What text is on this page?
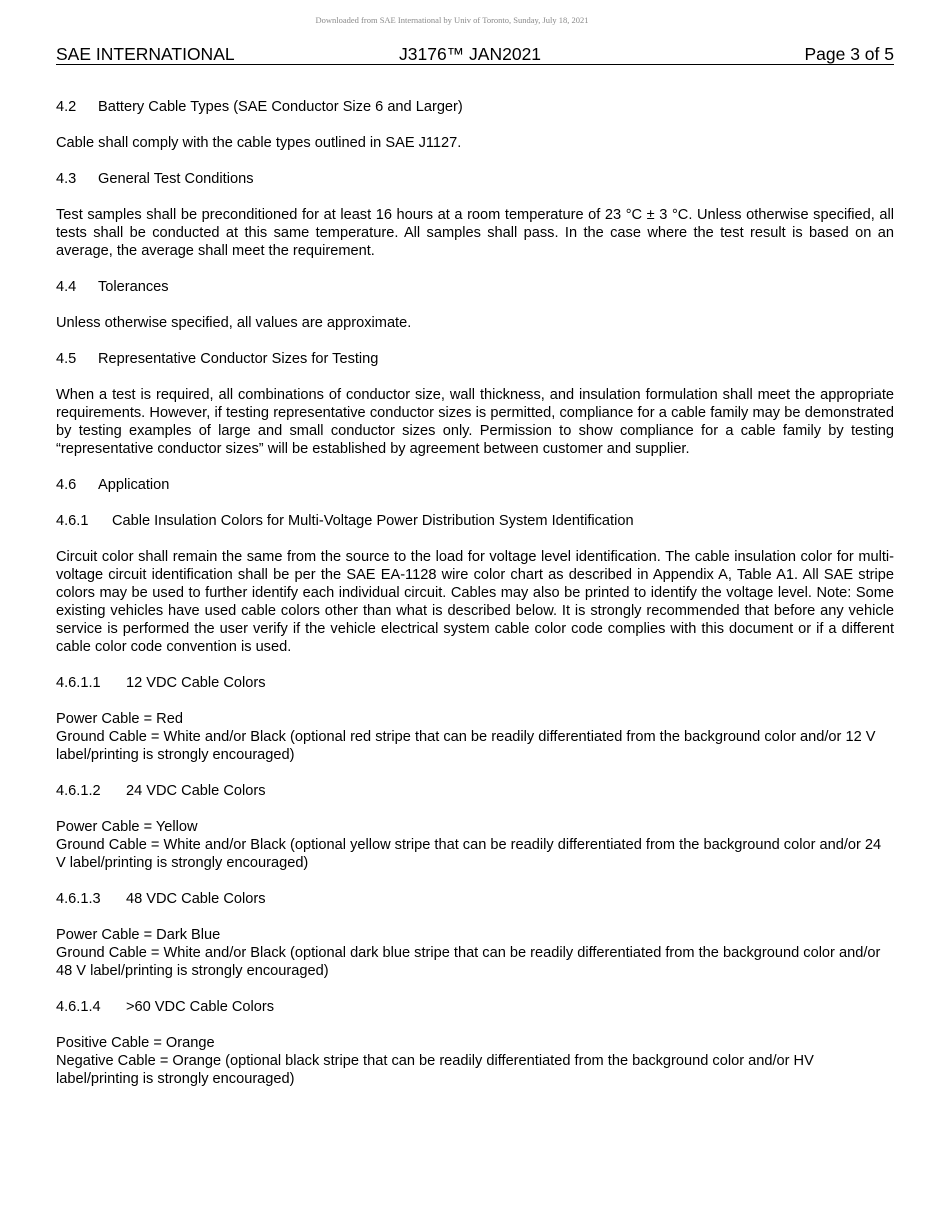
Downloaded from SAE International by Univ of Toronto, Sunday, July 18, 2021
SAE INTERNATIONAL	J3176™ JAN2021	Page 3 of 5
4.2 Battery Cable Types (SAE Conductor Size 6 and Larger)

Cable shall comply with the cable types outlined in SAE J1127.

4.3 General Test Conditions

Test samples shall be preconditioned for at least 16 hours at a room temperature of 23 °C ± 3 °C. Unless otherwise specified, all tests shall be conducted at this same temperature. All samples shall pass. In the case where the test result is based on an average, the average shall meet the requirement.

4.4 Tolerances

Unless otherwise specified, all values are approximate.

4.5 Representative Conductor Sizes for Testing

When a test is required, all combinations of conductor size, wall thickness, and insulation formulation shall meet the appropriate requirements. However, if testing representative conductor sizes is permitted, compliance for a cable family may be demonstrated by testing examples of large and small conductor sizes only. Permission to show compliance for a cable family by testing “representative conductor sizes” will be established by agreement between customer and supplier.

4.6 Application
4.6.1 Cable Insulation Colors for Multi-Voltage Power Distribution System Identification

Circuit color shall remain the same from the source to the load for voltage level identification. The cable insulation color for multi-voltage circuit identification shall be per the SAE EA-1128 wire color chart as described in Appendix A, Table A1. All SAE stripe colors may be used to further identify each individual circuit. Cables may also be printed to identify the voltage level. Note: Some existing vehicles have used cable colors other than what is described below. It is strongly recommended that before any vehicle service is performed the user verify if the vehicle electrical system cable color code complies with this document or if a different cable color code convention is used.

4.6.1.1 12 VDC Cable Colors

Power Cable = Red
Ground Cable = White and/or Black (optional red stripe that can be readily differentiated from the background color and/or 12 V label/printing is strongly encouraged)

4.6.1.2 24 VDC Cable Colors

Power Cable = Yellow
Ground Cable = White and/or Black (optional yellow stripe that can be readily differentiated from the background color and/or 24 V label/printing is strongly encouraged)

4.6.1.3 48 VDC Cable Colors

Power Cable = Dark Blue
Ground Cable = White and/or Black (optional dark blue stripe that can be readily differentiated from the background color and/or 48 V label/printing is strongly encouraged)

4.6.1.4 >60 VDC Cable Colors

Positive Cable = Orange
Negative Cable = Orange (optional black stripe that can be readily differentiated from the background color and/or HV label/printing is strongly encouraged)
